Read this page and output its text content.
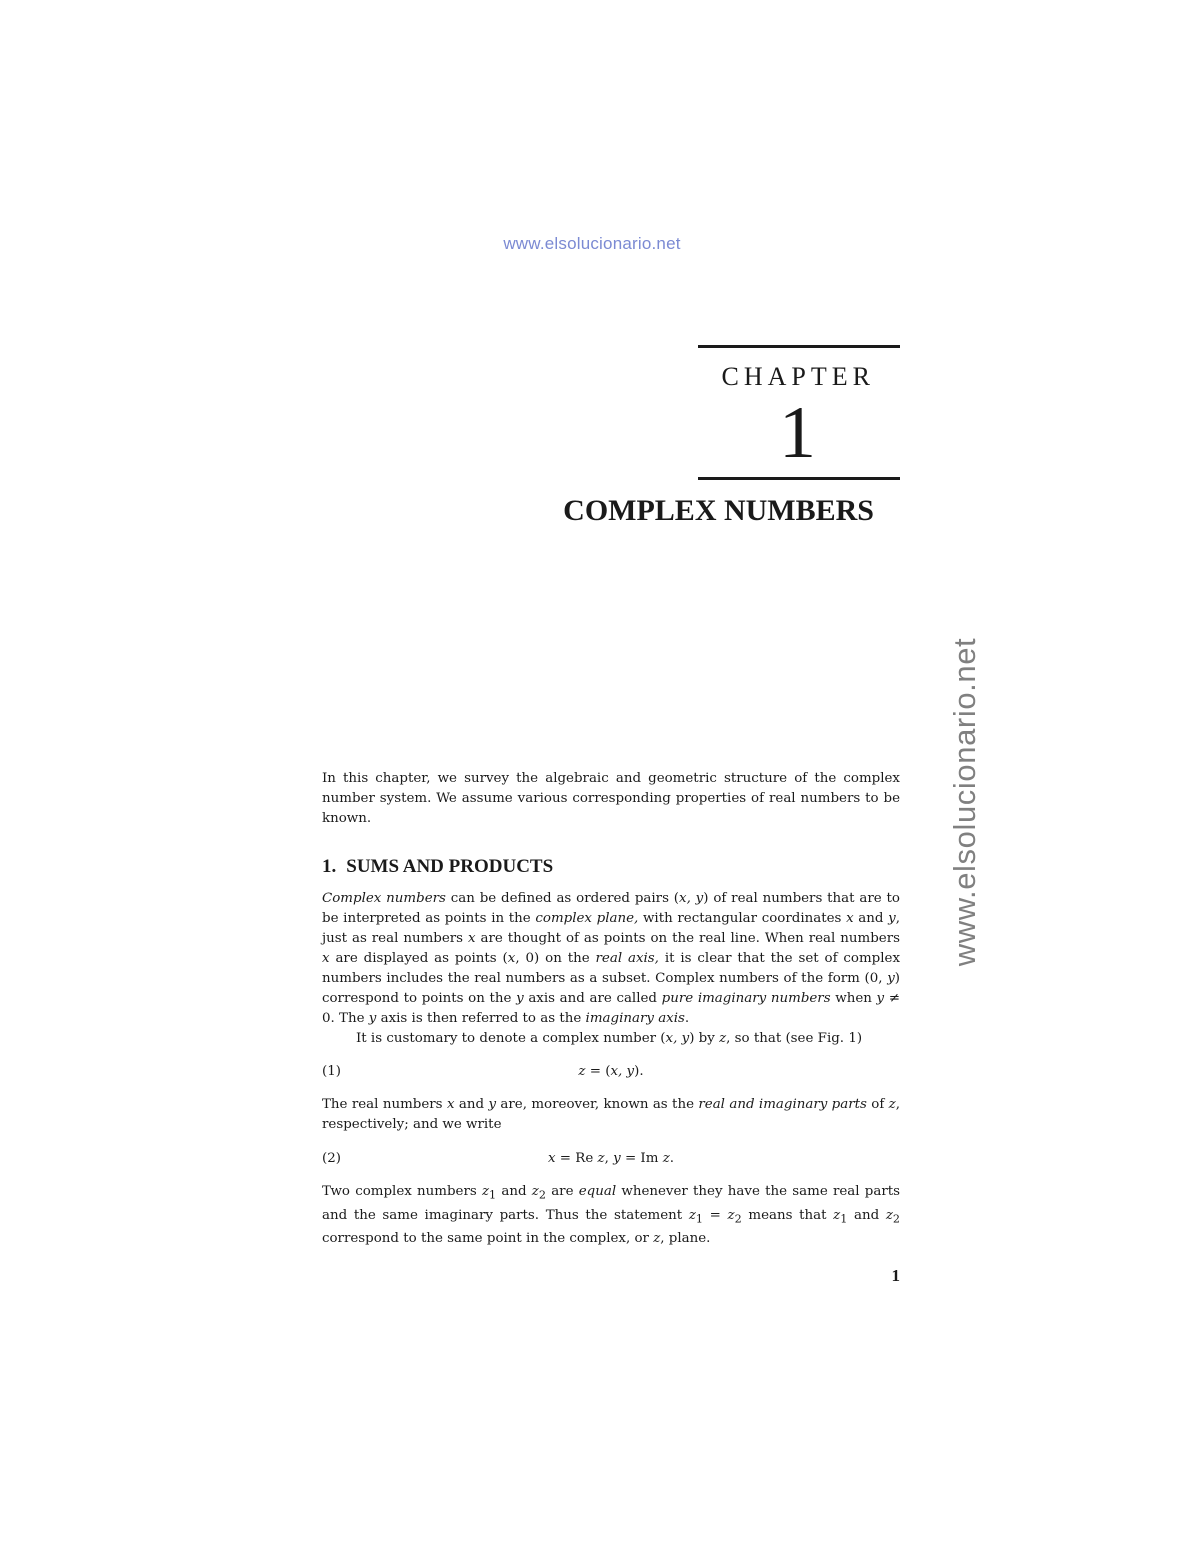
www.elsolucionario.net
www.elsolucionario.net
CHAPTER
1
COMPLEX NUMBERS

In this chapter, we survey the algebraic and geometric structure of the complex number system. We assume various corresponding properties of real numbers to be known.

1. SUMS AND PRODUCTS

Complex numbers can be defined as ordered pairs (x, y) of real numbers that are to be interpreted as points in the complex plane, with rectangular coordinates x and y, just as real numbers x are thought of as points on the real line. When real numbers x are displayed as points (x, 0) on the real axis, it is clear that the set of complex numbers includes the real numbers as a subset. Complex numbers of the form (0, y) correspond to points on the y axis and are called pure imaginary numbers when y ≠ 0. The y axis is then referred to as the imaginary axis.

It is customary to denote a complex number (x, y) by z, so that (see Fig. 1)

(1)	z = (x, y).

The real numbers x and y are, moreover, known as the real and imaginary parts of z, respectively; and we write

(2)	x = Re z, y = Im z.

Two complex numbers $z_1$ and $z_2$ are equal whenever they have the same real parts and the same imaginary parts. Thus the statement $z_1 = z_2$ means that $z_1$ and $z_2$ correspond to the same point in the complex, or z, plane.

1
